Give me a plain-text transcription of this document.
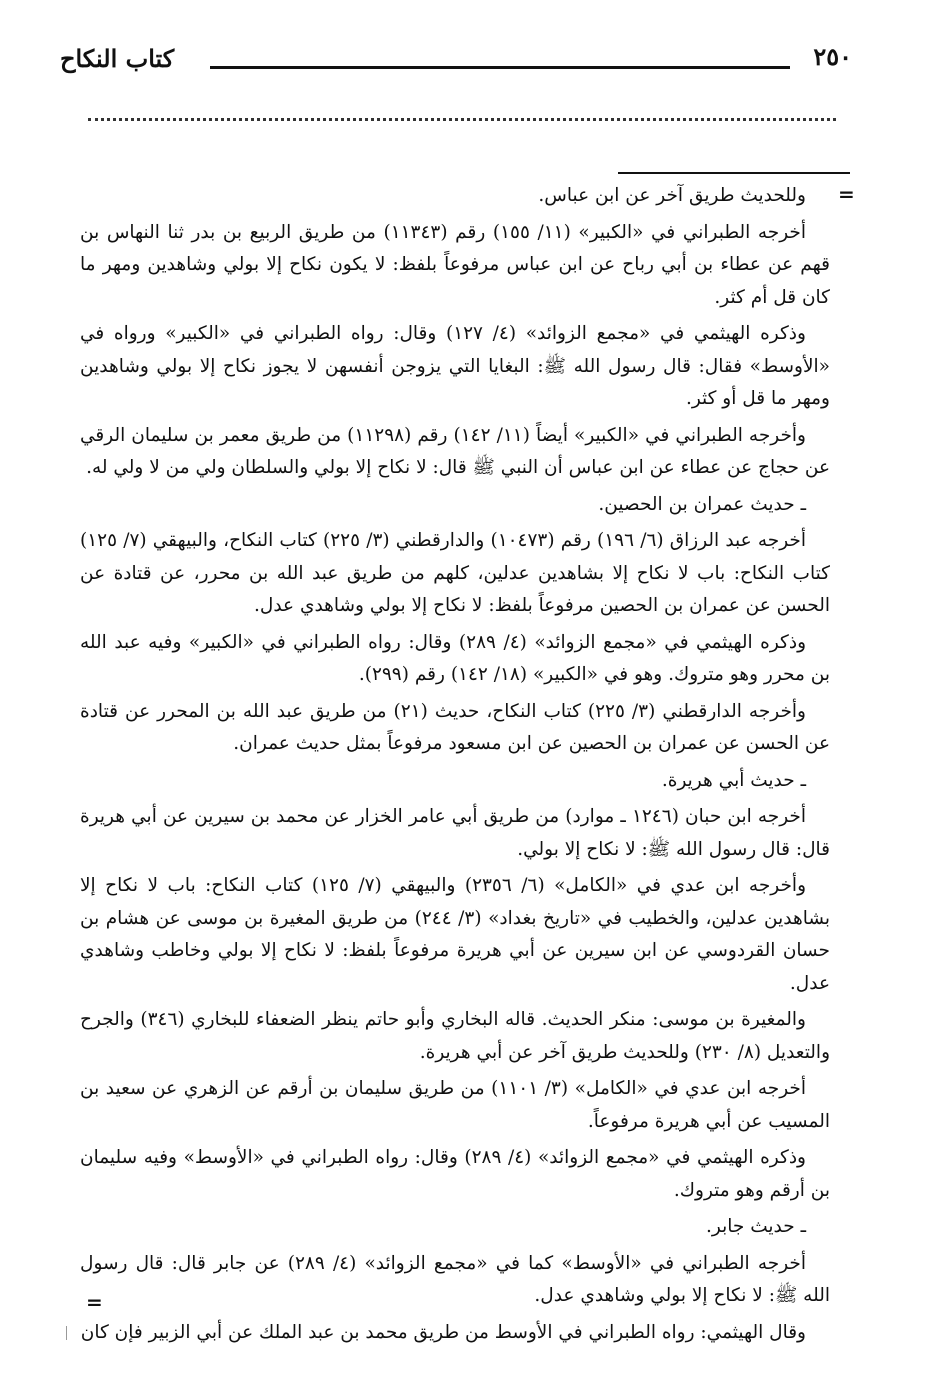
٢٥٠
كتاب النكاح
=

وللحديث طريق آخر عن ابن عباس.

أخرجه الطبراني في «الكبير» (١١/ ١٥٥) رقم (١١٣٤٣) من طريق الربيع بن بدر ثنا النهاس بن قهم عن عطاء بن أبي رباح عن ابن عباس مرفوعاً بلفظ: لا يكون نكاح إلا بولي وشاهدين ومهر ما كان قل أم كثر.

وذكره الهيثمي في «مجمع الزوائد» (٤/ ١٢٧) وقال: رواه الطبراني في «الكبير» ورواه في «الأوسط» فقال: قال رسول الله ﷺ: البغايا التي يزوجن أنفسهن لا يجوز نكاح إلا بولي وشاهدين ومهر ما قل أو كثر.

وأخرجه الطبراني في «الكبير» أيضاً (١١/ ١٤٢) رقم (١١٢٩٨) من طريق معمر بن سليمان الرقي عن حجاج عن عطاء عن ابن عباس أن النبي ﷺ قال: لا نكاح إلا بولي والسلطان ولي من لا ولي له.

ـ حديث عمران بن الحصين.

أخرجه عبد الرزاق (٦/ ١٩٦) رقم (١٠٤٧٣) والدارقطني (٣/ ٢٢٥) كتاب النكاح، والبيهقي (٧/ ١٢٥) كتاب النكاح: باب لا نكاح إلا بشاهدين عدلين، كلهم من طريق عبد الله بن محرر، عن قتادة عن الحسن عن عمران بن الحصين مرفوعاً بلفظ: لا نكاح إلا بولي وشاهدي عدل.

وذكره الهيثمي في «مجمع الزوائد» (٤/ ٢٨٩) وقال: رواه الطبراني في «الكبير» وفيه عبد الله بن محرر وهو متروك. وهو في «الكبير» (١٨/ ١٤٢) رقم (٢٩٩).

وأخرجه الدارقطني (٣/ ٢٢٥) كتاب النكاح، حديث (٢١) من طريق عبد الله بن المحرر عن قتادة عن الحسن عن عمران بن الحصين عن ابن مسعود مرفوعاً بمثل حديث عمران.

ـ حديث أبي هريرة.

أخرجه ابن حبان (١٢٤٦ ـ موارد) من طريق أبي عامر الخزار عن محمد بن سيرين عن أبي هريرة قال: قال رسول الله ﷺ: لا نكاح إلا بولي.

وأخرجه ابن عدي في «الكامل» (٦/ ٢٣٥٦) والبيهقي (٧/ ١٢٥) كتاب النكاح: باب لا نكاح إلا بشاهدين عدلين، والخطيب في «تاريخ بغداد» (٣/ ٢٤٤) من طريق المغيرة بن موسى عن هشام بن حسان القردوسي عن ابن سيرين عن أبي هريرة مرفوعاً بلفظ: لا نكاح إلا بولي وخاطب وشاهدي عدل.

والمغيرة بن موسى: منكر الحديث. قاله البخاري وأبو حاتم ينظر الضعفاء للبخاري (٣٤٦) والجرح والتعديل (٨/ ٢٣٠) وللحديث طريق آخر عن أبي هريرة.

أخرجه ابن عدي في «الكامل» (٣/ ١١٠١) من طريق سليمان بن أرقم عن الزهري عن سعيد بن المسيب عن أبي هريرة مرفوعاً.

وذكره الهيثمي في «مجمع الزوائد» (٤/ ٢٨٩) وقال: رواه الطبراني في «الأوسط» وفيه سليمان بن أرقم وهو متروك.

ـ حديث جابر.

أخرجه الطبراني في «الأوسط» كما في «مجمع الزوائد» (٤/ ٢٨٩) عن جابر قال: قال رسول الله ﷺ: لا نكاح إلا بولي وشاهدي عدل.

وقال الهيثمي: رواه الطبراني في الأوسط من طريق محمد بن عبد الملك عن أبي الزبير فإن كان

=
